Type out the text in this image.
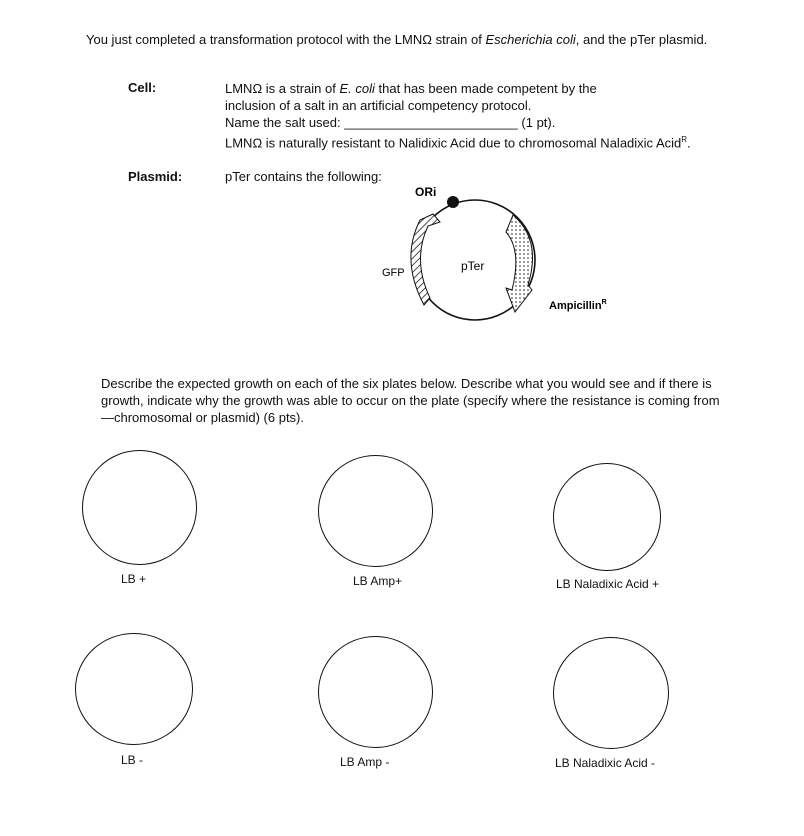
You just completed a transformation protocol with the LMNΩ strain of Escherichia coli, and the pTer plasmid.
Cell:	LMNΩ is a strain of E. coli that has been made competent by the
inclusion of a salt in an artificial competency protocol.
Name the salt used: ________________________ (1 pt).
LMNΩ is naturally resistant to Nalidixic Acid due to chromosomal Naladixic Acid$^R$.
Plasmid:	pTer contains the following:
ORi
pTer
GFP
Ampicillin$^R$
Describe the expected growth on each of the six plates below. Describe what you would see and if there is growth, indicate why the growth was able to occur on the plate (specify where the resistance is coming from—chromosomal or plasmid) (6 pts).
LB +	LB Amp+	LB Naladixic Acid +
LB -	LB Amp -	LB Naladixic Acid -
